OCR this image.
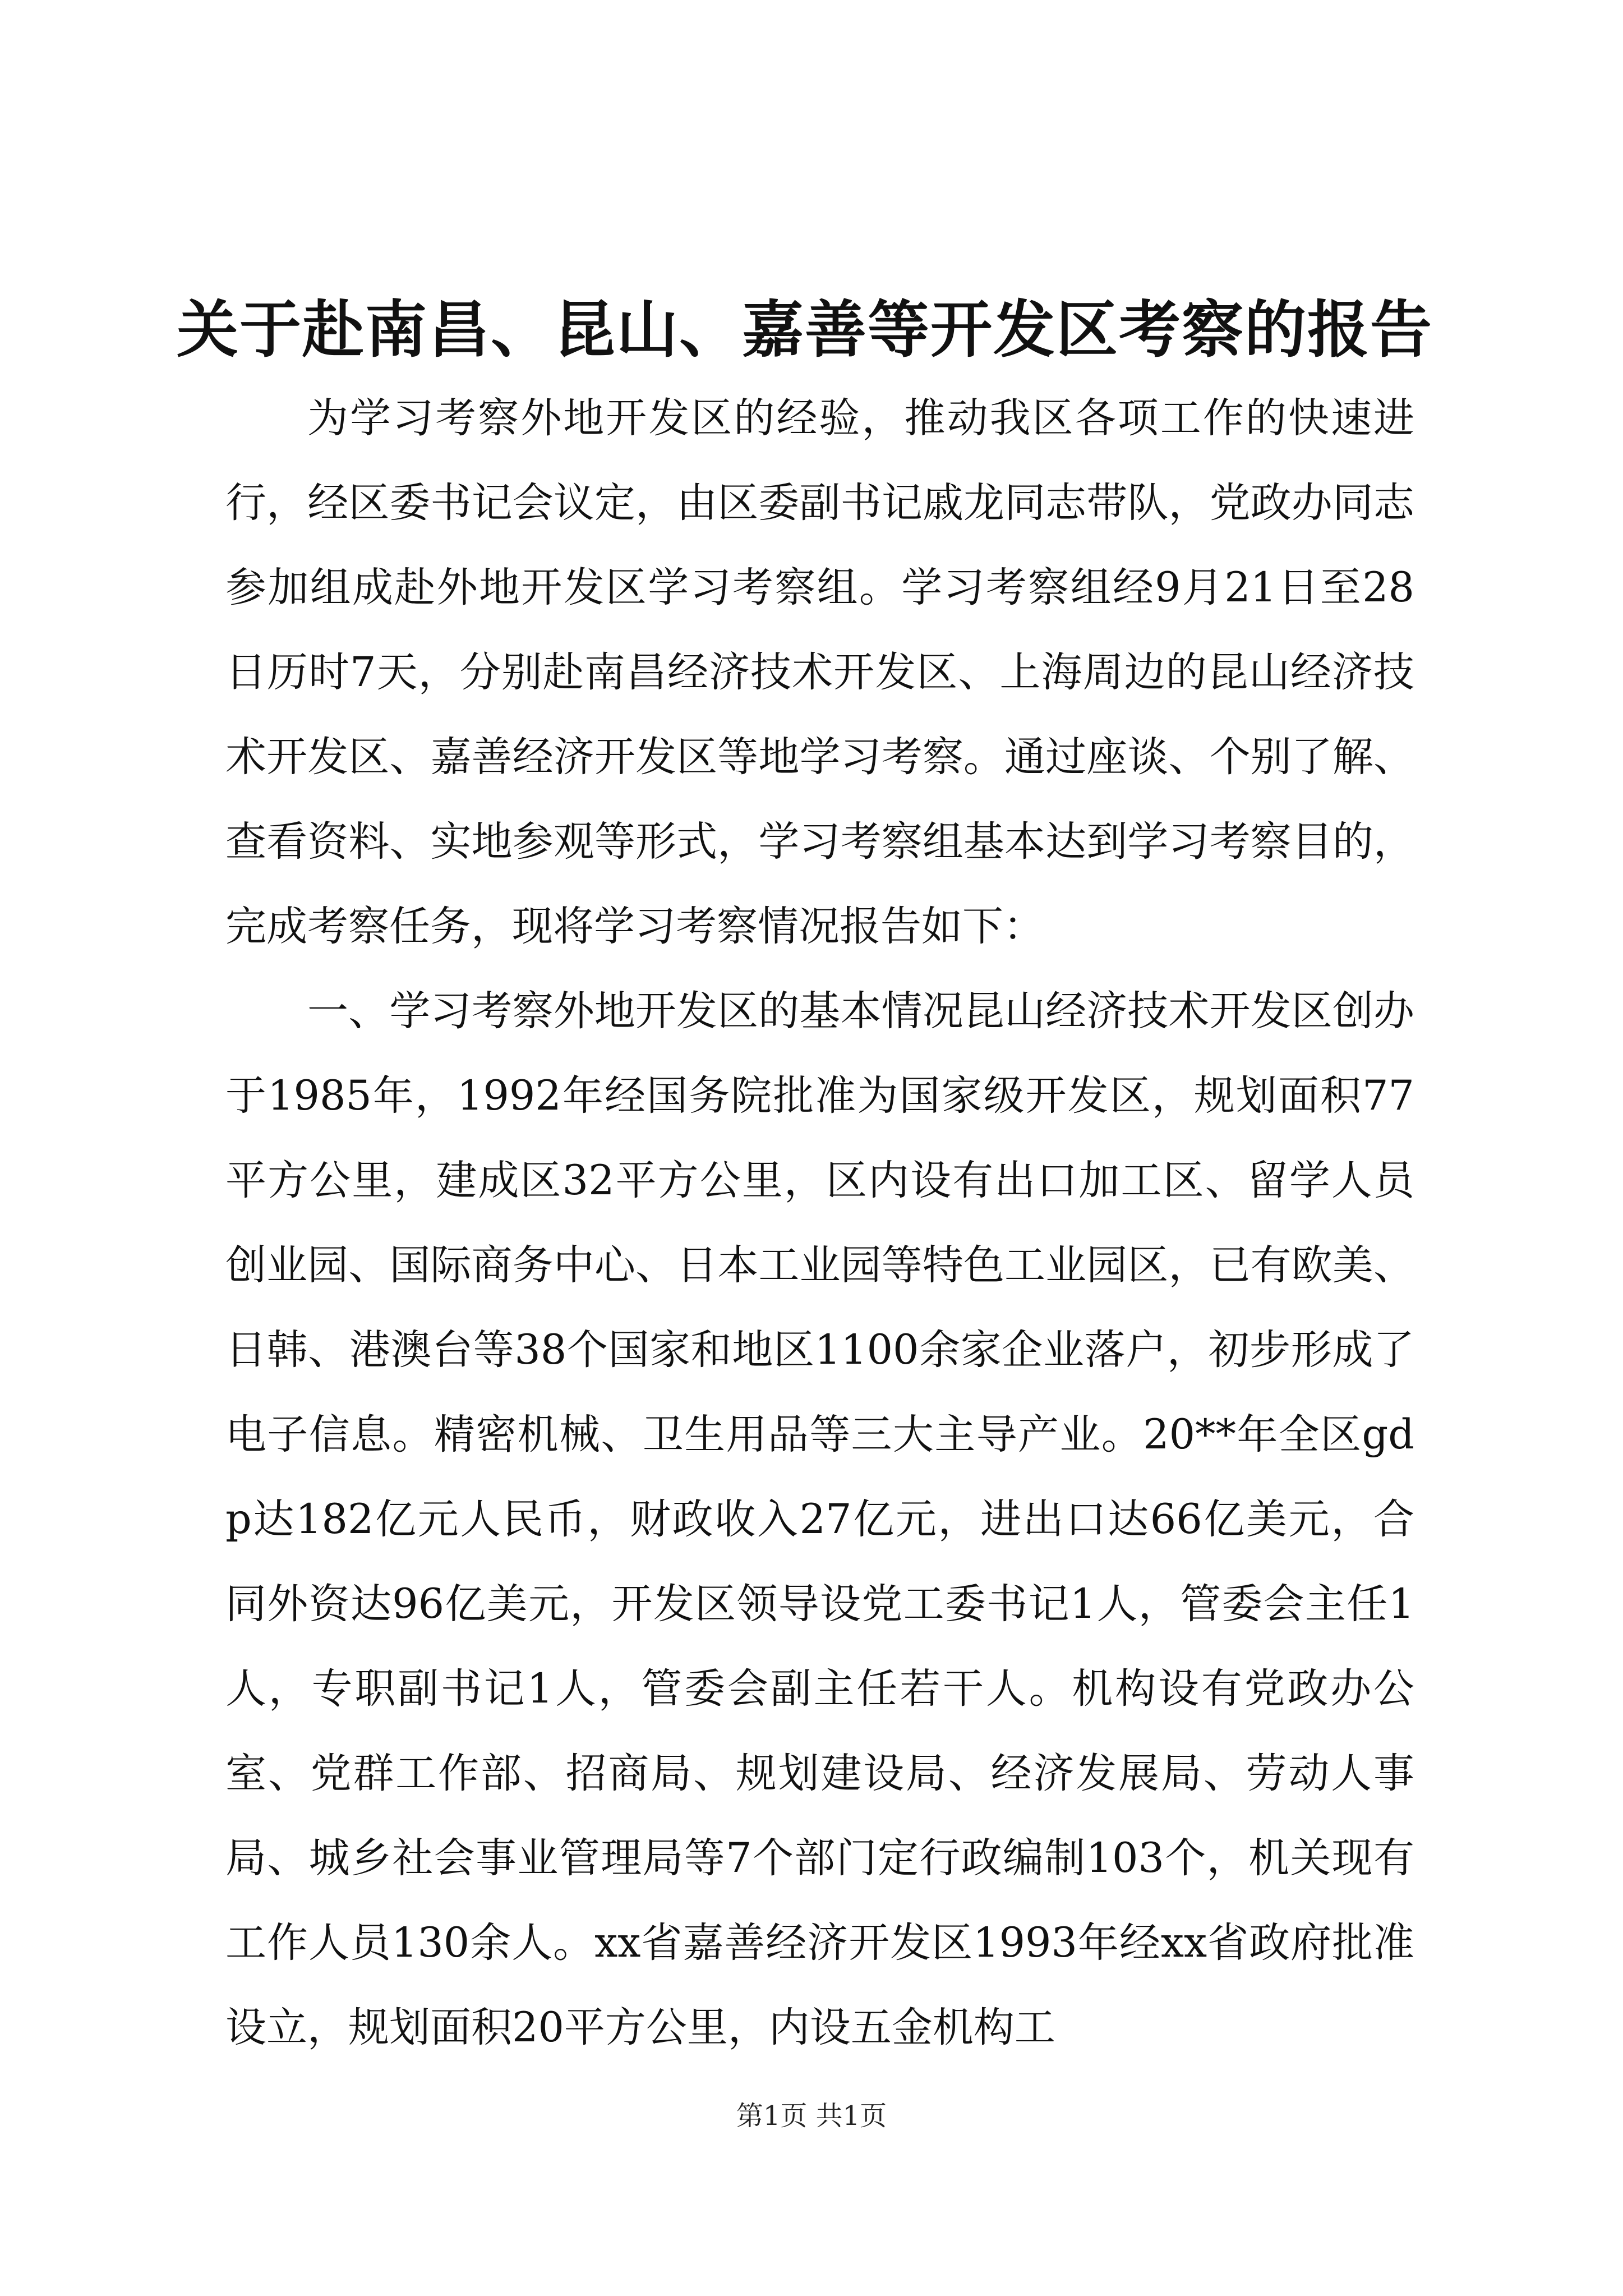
关于赴南昌、昆山、嘉善等开发区考察的报告

为学习考察外地开发区的经验，推动我区各项工作的快速进行，经区委书记会议定，由区委副书记戚龙同志带队，党政办同志参加组成赴外地开发区学习考察组。学习考察组经9月21日至28日历时7天，分别赴南昌经济技术开发区、上海周边的昆山经济技术开发区、嘉善经济开发区等地学习考察。通过座谈、个别了解、查看资料、实地参观等形式，学习考察组基本达到学习考察目的，完成考察任务，现将学习考察情况报告如下：

一、学习考察外地开发区的基本情况昆山经济技术开发区创办于1985年，1992年经国务院批准为国家级开发区，规划面积77平方公里，建成区32平方公里，区内设有出口加工区、留学人员创业园、国际商务中心、日本工业园等特色工业园区，已有欧美、日韩、港澳台等38个国家和地区1100余家企业落户，初步形成了电子信息。精密机械、卫生用品等三大主导产业。20**年全区gdp达182亿元人民币，财政收入27亿元，进出口达66亿美元，合同外资达96亿美元，开发区领导设党工委书记1人，管委会主任1人，专职副书记1人，管委会副主任若干人。机构设有党政办公室、党群工作部、招商局、规划建设局、经济发展局、劳动人事局、城乡社会事业管理局等7个部门定行政编制103个，机关现有工作人员130余人。xx省嘉善经济开发区1993年经xx省政府批准设立，规划面积20平方公里，内设五金机构工

第1页 共1页
